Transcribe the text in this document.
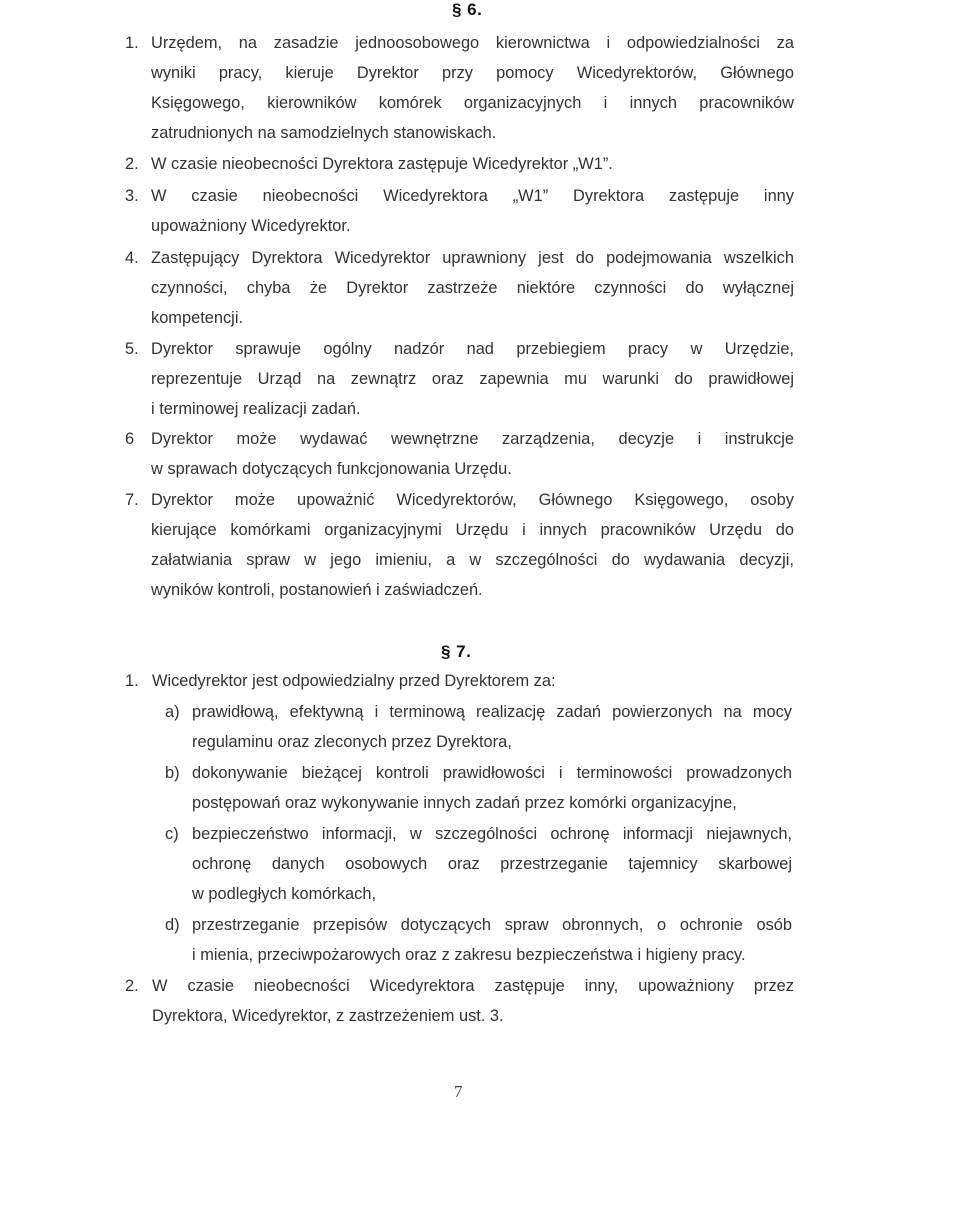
§ 6.
1. Urzędem, na zasadzie jednoosobowego kierownictwa i odpowiedzialności za
wyniki pracy, kieruje Dyrektor przy pomocy Wicedyrektorów, Głównego
Księgowego, kierowników komórek organizacyjnych i innych pracowników
zatrudnionych na samodzielnych stanowiskach.
2. W czasie nieobecności Dyrektora zastępuje Wicedyrektor „W1”.
3. W czasie nieobecności Wicedyrektora „W1” Dyrektora zastępuje inny
upoważniony Wicedyrektor.
4. Zastępujący Dyrektora Wicedyrektor uprawniony jest do podejmowania wszelkich
czynności, chyba że Dyrektor zastrzeże niektóre czynności do wyłącznej
kompetencji.
5. Dyrektor sprawuje ogólny nadzór nad przebiegiem pracy w Urzędzie,
reprezentuje Urząd na zewnątrz oraz zapewnia mu warunki do prawidłowej
i terminowej realizacji zadań.
6 Dyrektor może wydawać wewnętrzne zarządzenia, decyzje i instrukcje
w sprawach dotyczących funkcjonowania Urzędu.
7. Dyrektor może upoważnić Wicedyrektorów, Głównego Księgowego, osoby
kierujące komórkami organizacyjnymi Urzędu i innych pracowników Urzędu do
załatwiania spraw w jego imieniu, a w szczególności do wydawania decyzji,
wyników kontroli, postanowień i zaświadczeń.
§ 7.
1. Wicedyrektor jest odpowiedzialny przed Dyrektorem za:
a) prawidłową, efektywną i terminową realizację zadań powierzonych na mocy
regulaminu oraz zleconych przez Dyrektora,
b) dokonywanie bieżącej kontroli prawidłowości i terminowości prowadzonych
postępowań oraz wykonywanie innych zadań przez komórki organizacyjne,
c) bezpieczeństwo informacji, w szczególności ochronę informacji niejawnych,
ochronę danych osobowych oraz przestrzeganie tajemnicy skarbowej
w podległych komórkach,
d) przestrzeganie przepisów dotyczących spraw obronnych, o ochronie osób
i mienia, przeciwpożarowych oraz z zakresu bezpieczeństwa i higieny pracy.
2. W czasie nieobecności Wicedyrektora zastępuje inny, upoważniony przez
Dyrektora, Wicedyrektor, z zastrzeżeniem ust. 3.
7
